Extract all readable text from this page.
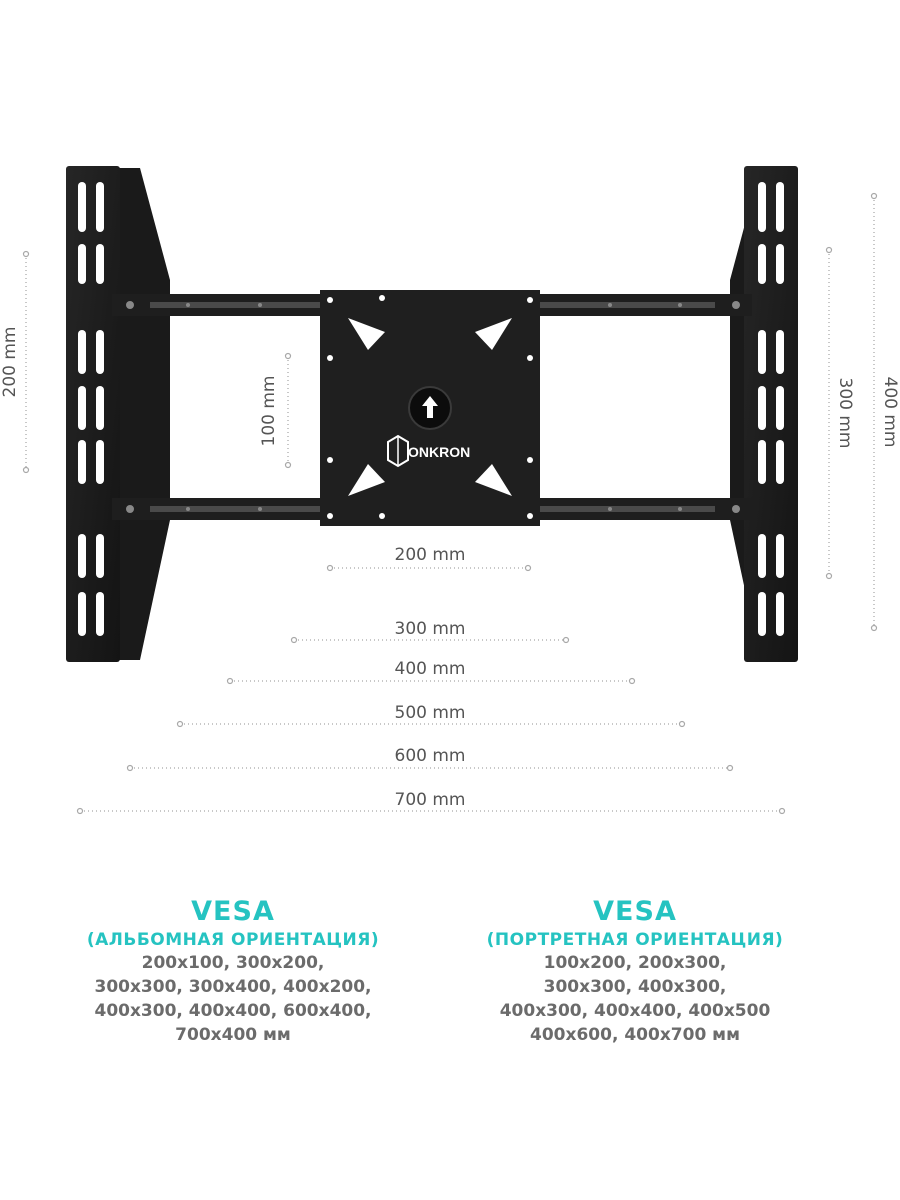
ONKRON
200 mm
100 mm	300 mm 400 mm
200 mm
300 mm
400 mm
500 mm
600 mm
700 mm
VESA
(АЛЬБОМНАЯ ОРИЕНТАЦИЯ)
200x100, 300x200,
300x300, 300x400, 400x200,
400x300, 400x400, 600x400,
700x400 мм
VESA
(ПОРТРЕТНАЯ ОРИЕНТАЦИЯ)
100x200, 200x300,
300x300, 400x300,
400x300, 400x400, 400x500
400x600, 400x700 мм
